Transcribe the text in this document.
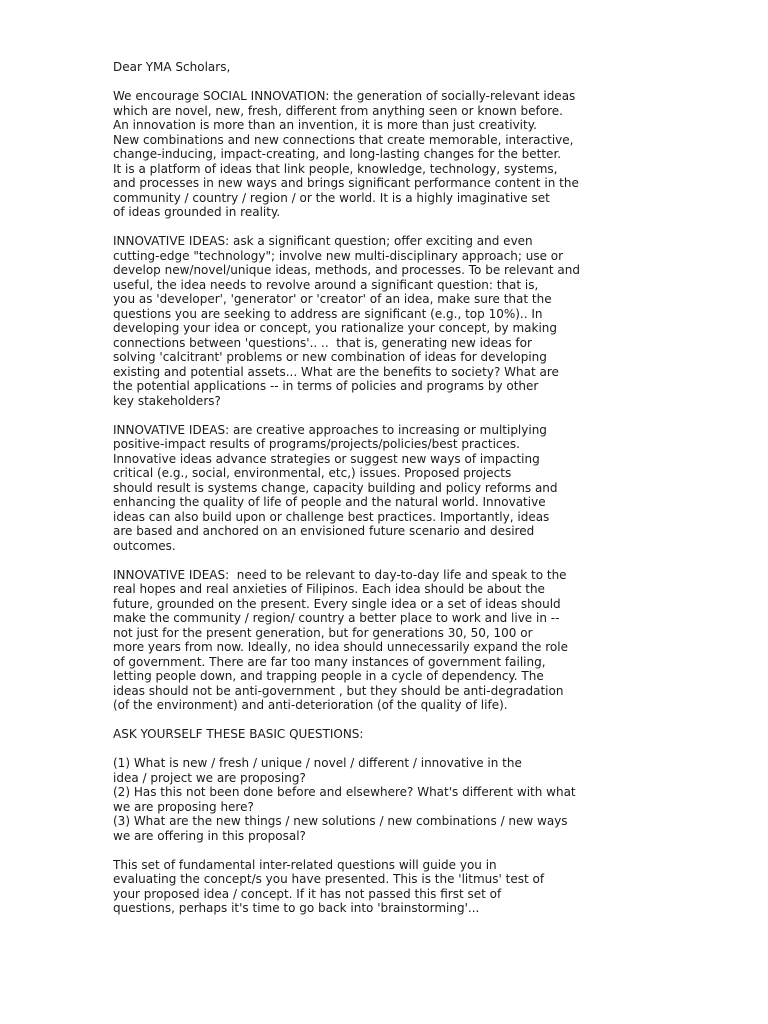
Dear YMA Scholars,
We encourage SOCIAL INNOVATION: the generation of socially-relevant ideas
which are novel, new, fresh, different from anything seen or known before.
An innovation is more than an invention, it is more than just creativity.
New combinations and new connections that create memorable, interactive,
change-inducing, impact-creating, and long-lasting changes for the better.
It is a platform of ideas that link people, knowledge, technology, systems,
and processes in new ways and brings significant performance content in the
community / country / region / or the world. It is a highly imaginative set
of ideas grounded in reality.
INNOVATIVE IDEAS: ask a significant question; offer exciting and even
cutting-edge "technology"; involve new multi-disciplinary approach; use or
develop new/novel/unique ideas, methods, and processes. To be relevant and
useful, the idea needs to revolve around a significant question: that is,
you as 'developer', 'generator' or 'creator' of an idea, make sure that the
questions you are seeking to address are significant (e.g., top 10%).. In
developing your idea or concept, you rationalize your concept, by making
connections between 'questions'.. ..  that is, generating new ideas for
solving 'calcitrant' problems or new combination of ideas for developing
existing and potential assets... What are the benefits to society? What are
the potential applications -- in terms of policies and programs by other
key stakeholders?
INNOVATIVE IDEAS: are creative approaches to increasing or multiplying
positive-impact results of programs/projects/policies/best practices.
Innovative ideas advance strategies or suggest new ways of impacting
critical (e.g., social, environmental, etc,) issues. Proposed projects
should result is systems change, capacity building and policy reforms and
enhancing the quality of life of people and the natural world. Innovative
ideas can also build upon or challenge best practices. Importantly, ideas
are based and anchored on an envisioned future scenario and desired
outcomes.
INNOVATIVE IDEAS:  need to be relevant to day-to-day life and speak to the
real hopes and real anxieties of Filipinos. Each idea should be about the
future, grounded on the present. Every single idea or a set of ideas should
make the community / region/ country a better place to work and live in --
not just for the present generation, but for generations 30, 50, 100 or
more years from now. Ideally, no idea should unnecessarily expand the role
of government. There are far too many instances of government failing,
letting people down, and trapping people in a cycle of dependency. The
ideas should not be anti-government , but they should be anti-degradation
(of the environment) and anti-deterioration (of the quality of life).
ASK YOURSELF THESE BASIC QUESTIONS:
(1) What is new / fresh / unique / novel / different / innovative in the
idea / project we are proposing?
(2) Has this not been done before and elsewhere? What's different with what
we are proposing here?
(3) What are the new things / new solutions / new combinations / new ways
we are offering in this proposal?
This set of fundamental inter-related questions will guide you in
evaluating the concept/s you have presented. This is the 'litmus' test of
your proposed idea / concept. If it has not passed this first set of
questions, perhaps it's time to go back into 'brainstorming'...
